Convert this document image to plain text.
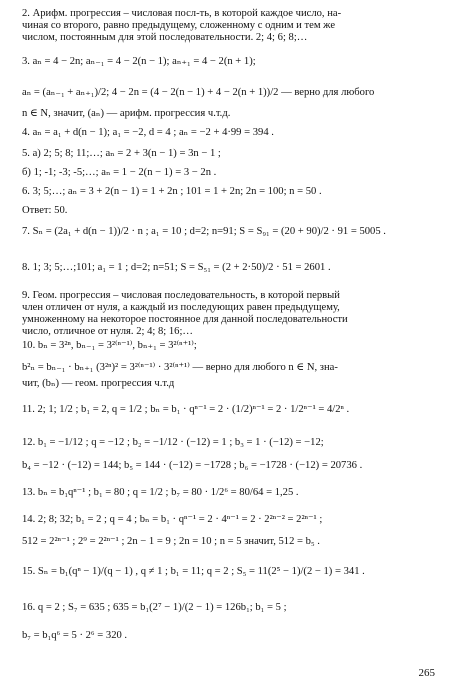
2. Арифм. прогрессия – числовая посл-ть, в которой каждое число, на-
чиная со второго, равно предыдущему, сложенному с одним и тем же
числом, постоянным для этой последовательности. 2; 4; 6; 8;…
3. aₙ = 4 − 2n; aₙ₋₁ = 4 − 2(n − 1); aₙ₊₁ = 4 − 2(n + 1);
aₙ = (aₙ₋₁ + aₙ₊₁)/2; 4 − 2n = (4 − 2(n − 1) + 4 − 2(n + 1))/2 — верно для любого
n ∈ N, значит, (aₙ) — арифм. прогрессия ч.т.д.
4. aₙ = a₁ + d(n − 1); a₁ = −2, d = 4 ; aₙ = −2 + 4·99 = 394 .
5. а) 2; 5; 8; 11;…; aₙ = 2 + 3(n − 1) = 3n − 1 ;
б) 1; -1; -3; -5;…; aₙ = 1 − 2(n − 1) = 3 − 2n .
6. 3; 5;…; aₙ = 3 + 2(n − 1) = 1 + 2n ; 101 = 1 + 2n; 2n = 100; n = 50 .
Ответ: 50.
7. Sₙ = (2a₁ + d(n − 1))/2 · n ; a₁ = 10 ; d=2; n=91; S = S₉₁ = (20 + 90)/2 · 91 = 5005 .
8. 1; 3; 5;…;101; a₁ = 1 ; d=2; n=51; S = S₅₁ = (2 + 2·50)/2 · 51 = 2601 .
9. Геом. прогрессия – числовая последовательность, в которой первый
член отличен от нуля, а каждый из последующих равен предыдущему,
умноженному на некоторое постоянное для данной последовательности
число, отличное от нуля. 2; 4; 8; 16;…
10. bₙ = 3²ⁿ, bₙ₋₁ = 3²⁽ⁿ⁻¹⁾, bₙ₊₁ = 3²⁽ⁿ⁺¹⁾;
b²ₙ = bₙ₋₁ · bₙ₊₁ (3²ⁿ)² = 3²⁽ⁿ⁻¹⁾ · 3²⁽ⁿ⁺¹⁾ — верно для любого n ∈ N, зна-
чит, (bₙ) — геом. прогрессия ч.т.д
11. 2; 1; 1/2 ; b₁ = 2, q = 1/2 ; bₙ = b₁ · qⁿ⁻¹ = 2 · (1/2)ⁿ⁻¹ = 2 · 1/2ⁿ⁻¹ = 4/2ⁿ .
12. b₁ = −1/12 ; q = −12 ; b₂ = −1/12 · (−12) = 1 ; b₃ = 1 · (−12) = −12;
b₄ = −12 · (−12) = 144; b₅ = 144 · (−12) = −1728 ; b₆ = −1728 · (−12) = 20736 .
13. bₙ = b₁qⁿ⁻¹ ; b₁ = 80 ; q = 1/2 ; b₇ = 80 · 1/2⁶ = 80/64 = 1,25 .
14. 2; 8; 32; b₁ = 2 ; q = 4 ; bₙ = b₁ · qⁿ⁻¹ = 2 · 4ⁿ⁻¹ = 2 · 2²ⁿ⁻² = 2²ⁿ⁻¹ ;
512 = 2²ⁿ⁻¹ ; 2⁹ = 2²ⁿ⁻¹ ; 2n − 1 = 9 ; 2n = 10 ; n = 5 значит, 512 = b₅ .
15. Sₙ = b₁(qⁿ − 1)/(q − 1) , q ≠ 1 ; b₁ = 11; q = 2 ; S₅ = 11(2⁵ − 1)/(2 − 1) = 341 .
16. q = 2 ; S₇ = 635 ; 635 = b₁(2⁷ − 1)/(2 − 1) = 126b₁; b₁ = 5 ;
b₇ = b₁q⁶ = 5 · 2⁶ = 320 .
265
